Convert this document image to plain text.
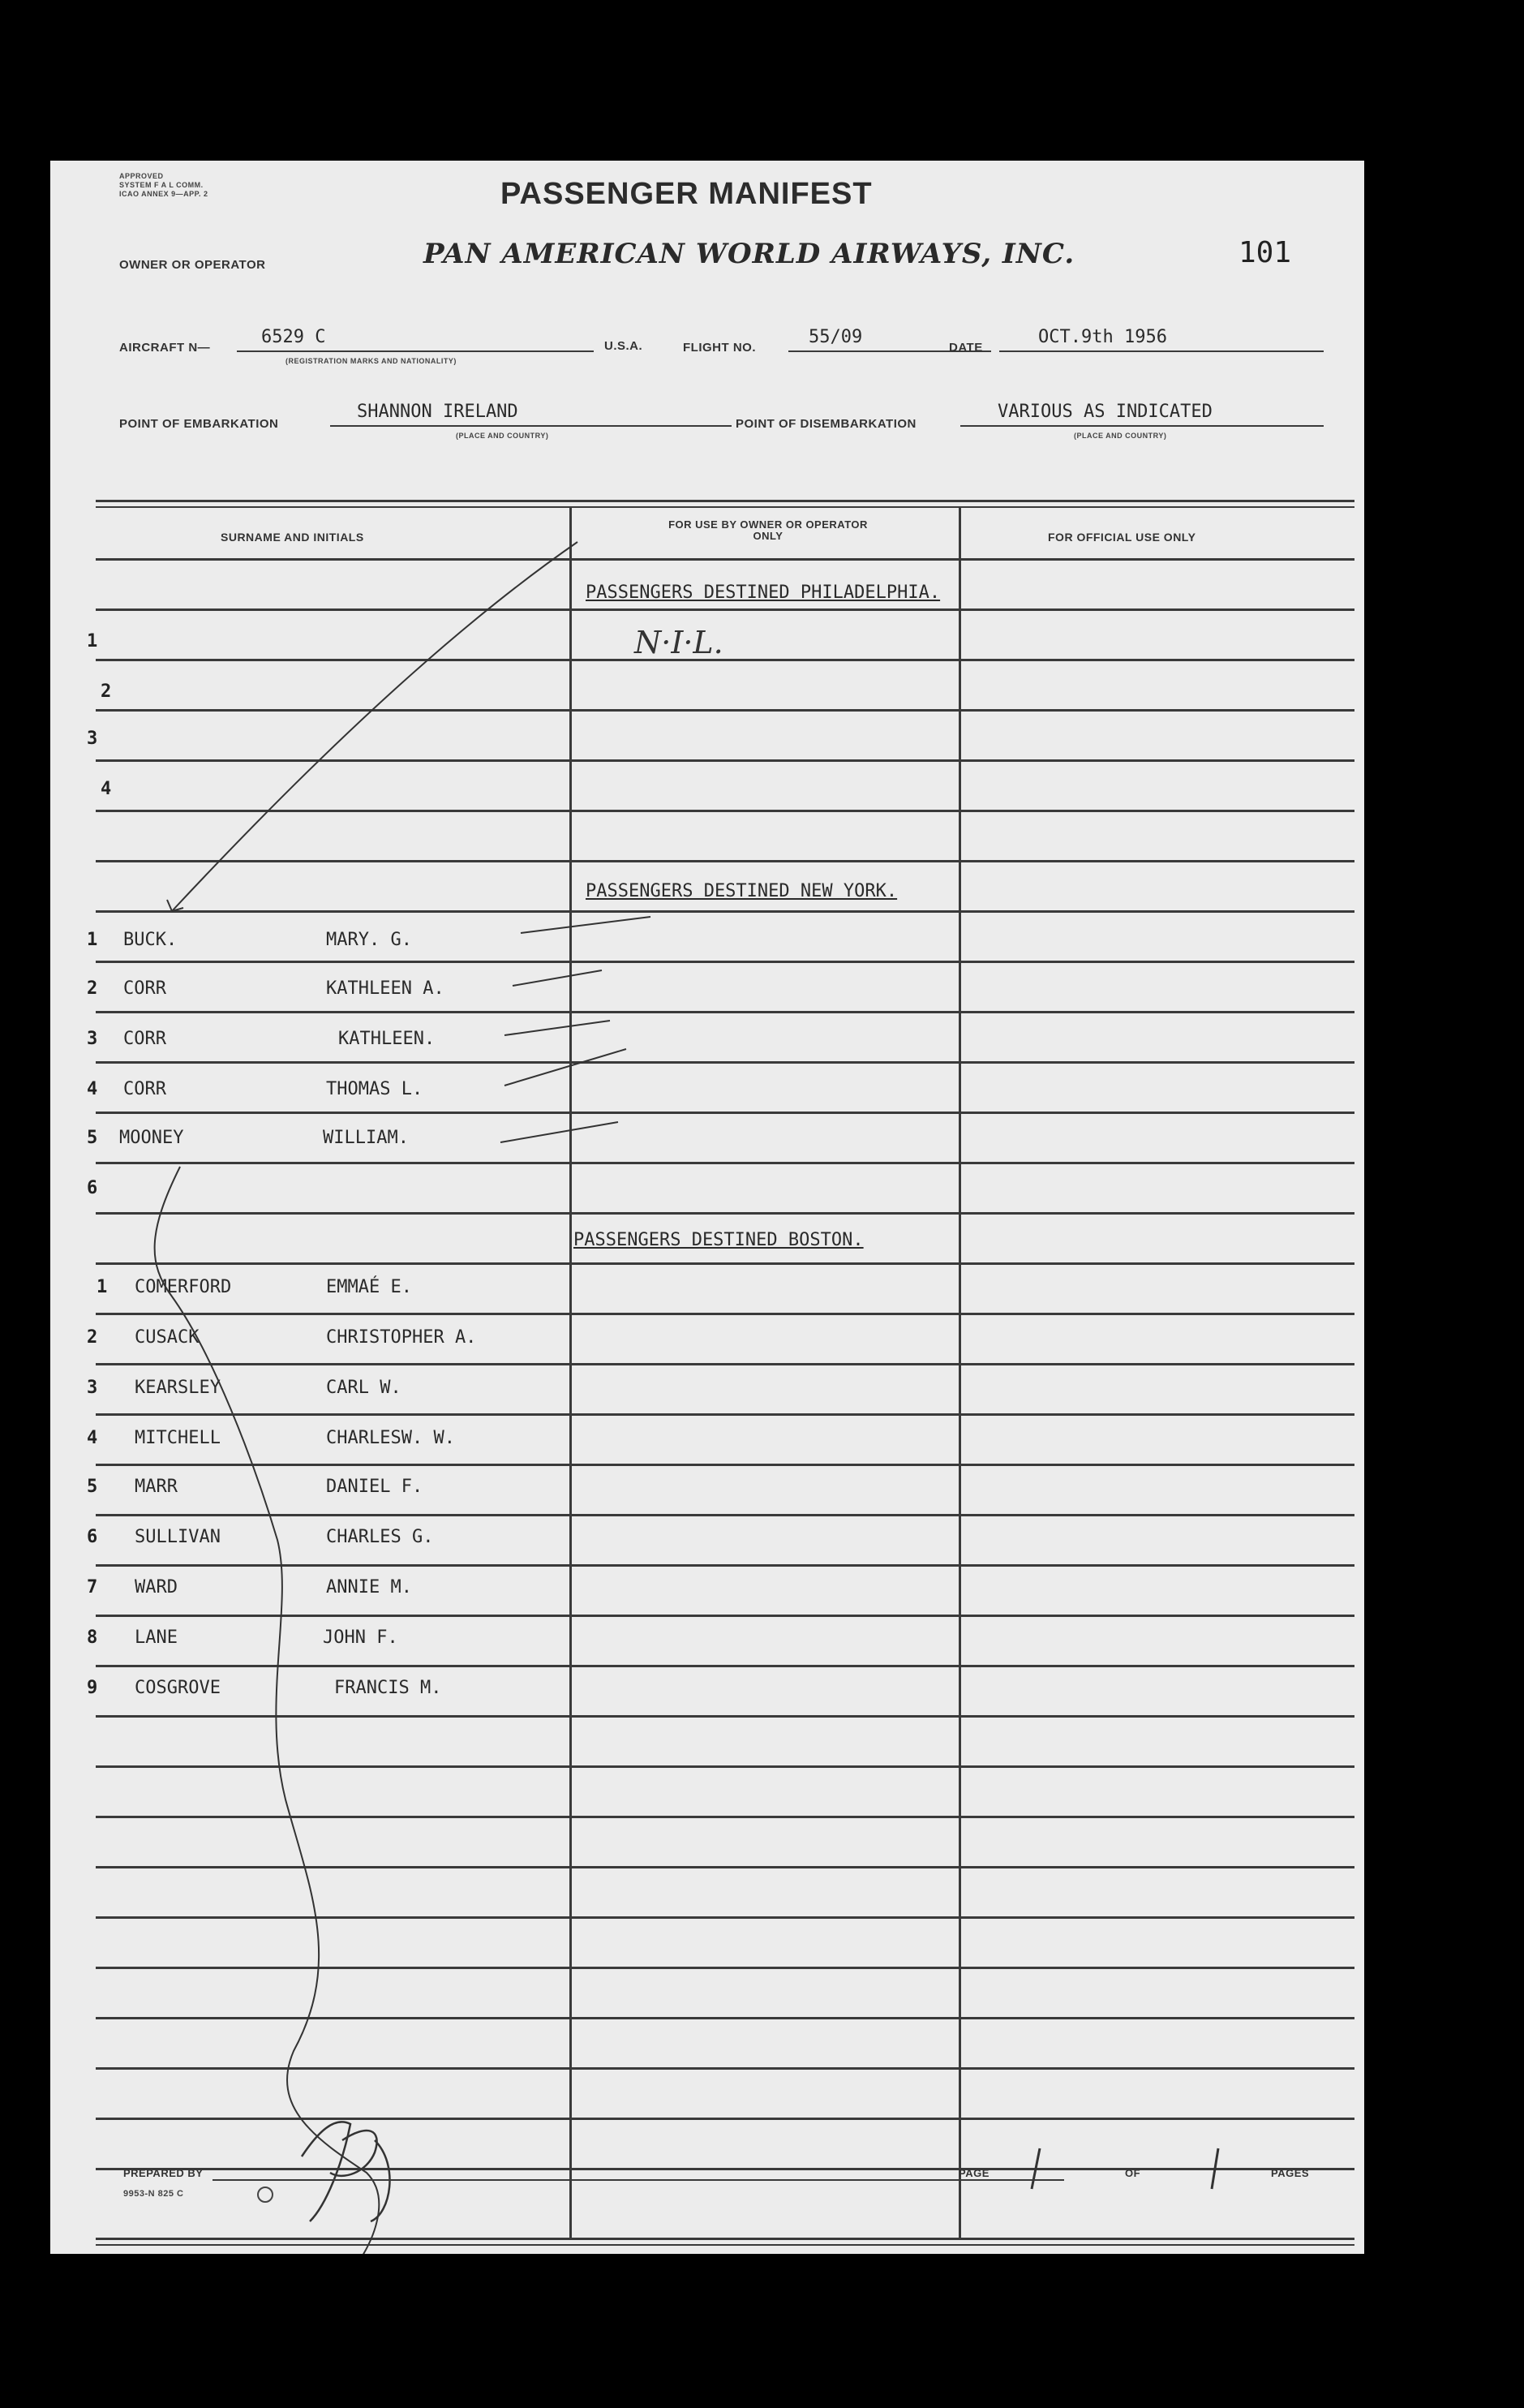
APPROVED
SYSTEM F A L COMM.
ICAO ANNEX 9—APP. 2	PASSENGER MANIFEST
OWNER OR OPERATOR	PAN AMERICAN WORLD AIRWAYS, INC.	101
AIRCRAFT N—
6529 C
(REGISTRATION MARKS AND NATIONALITY)
U.S.A.	FLIGHT NO.
55/09
DATE
OCT.9th 1956
POINT OF EMBARKATION
SHANNON IRELAND
(PLACE AND COUNTRY)
POINT OF DISEMBARKATION
VARIOUS AS INDICATED
(PLACE AND COUNTRY)
SURNAME AND INITIALS
FOR USE BY OWNER OR OPERATOR ONLY	FOR OFFICIAL USE ONLY
PASSENGERS DESTINED PHILADELPHIA.
N·I·L.
1
2
3
4
PASSENGERS DESTINED NEW YORK.
1 BUCK.	MARY. G.
2 CORR	KATHLEEN A.
3 CORR	KATHLEEN.
4 CORR	THOMAS L.
5 MOONEY	WILLIAM.
6
PASSENGERS DESTINED BOSTON.
1 COMERFORD	EMMAÉ E.
2 CUSACK	CHRISTOPHER A.
3 KEARSLEY	CARL W.
4 MITCHELL	CHARLESW. W.
5 MARR	DANIEL F.
6 SULLIVAN	CHARLES G.
7 WARD	ANNIE M.
8 LANE	JOHN F.
9 COSGROVE	FRANCIS M.
PREPARED BY
9953-N 825 C
PAGE	OF	PAGES
